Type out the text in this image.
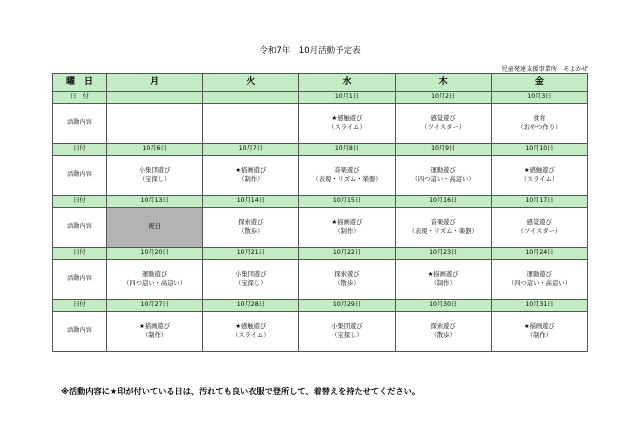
令和7年　10月活動予定表
児童発達支援事業所　そよかぜ
曜　日	月	火	水	木	金
日　付			10月1日	10月2日	10月3日
活動内容			★感触遊び
（スライム）	感覚遊び
（ツイスター）	食育
（おやつ作り）

日付	10月6日	10月7日	10月8日	10月9日	10月10日
活動内容	小集団遊び
（宝探し）	★描画遊び
（制作）	音楽遊び
（表現・リズム・楽器）	運動遊び
（四つ這い・高這い）	★感触遊び
（スライム）

日付	10月13日	10月14日	10月15日	10月16日	10月17日
活動内容	祝日	探索遊び
（散歩）	★描画遊び
（制作）	音楽遊び
（表現・リズム・楽器）	感覚遊び
（ツイスター）

日付	10月20日	10月21日	10月22日	10月23日	10月24日
活動内容	運動遊び
（四つ這い・高這い）	小集団遊び
（宝探し）	探索遊び
（散歩）	★描画遊び
（制作）	運動遊び
（四つ這い・高這い）

日付	10月27日	10月28日	10月29日	10月30日	10月31日
活動内容	★描画遊び
（制作）	★感触遊び
（スライム）	小集団遊び
（宝探し）	探索遊び
（散歩）	★描画遊び
（制作）
※活動内容に★印が付いている日は、汚れても良い衣服で登所して、着替えを持たせてください。
